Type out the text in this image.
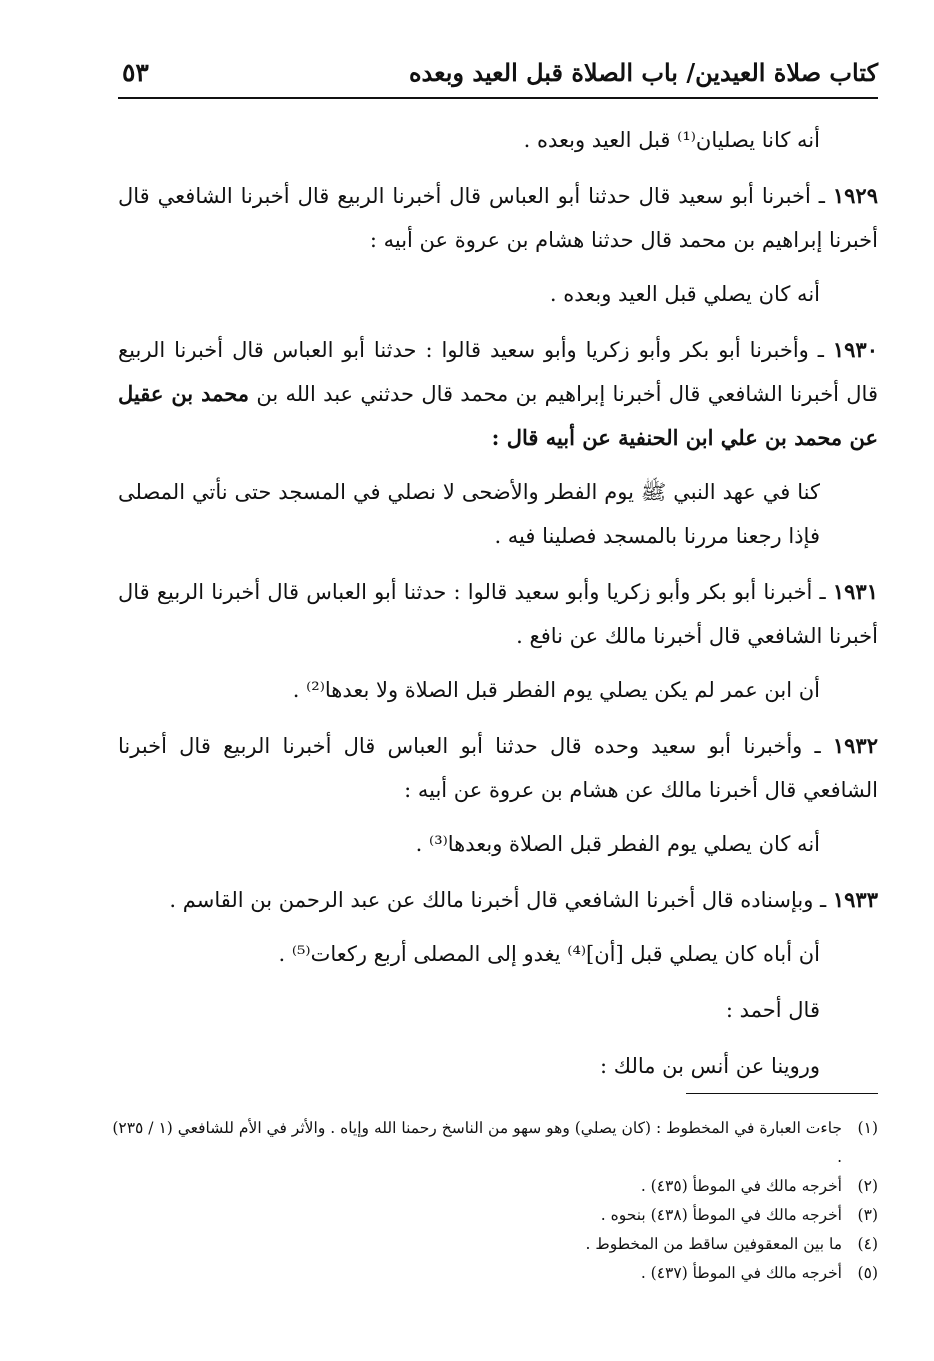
كتاب صلاة العيدين/ باب الصلاة قبل العيد وبعده
٥٣

أنه كانا يصليان⁽¹⁾ قبل العيد وبعده .

١٩٢٩ ـ أخبرنا أبو سعيد قال حدثنا أبو العباس قال أخبرنا الربيع قال أخبرنا الشافعي قال أخبرنا إبراهيم بن محمد قال حدثنا هشام بن عروة عن أبيه :

أنه كان يصلي قبل العيد وبعده .

١٩٣٠ ـ وأخبرنا أبو بكر وأبو زكريا وأبو سعيد قالوا : حدثنا أبو العباس قال أخبرنا الربيع قال أخبرنا الشافعي قال أخبرنا إبراهيم بن محمد قال حدثني عبد الله بن محمد بن عقيل عن محمد بن علي ابن الحنفية عن أبيه قال :

كنا في عهد النبي ﷺ يوم الفطر والأضحى لا نصلي في المسجد حتى نأتي المصلى فإذا رجعنا مررنا بالمسجد فصلينا فيه .

١٩٣١ ـ أخبرنا أبو بكر وأبو زكريا وأبو سعيد قالوا : حدثنا أبو العباس قال أخبرنا الربيع قال أخبرنا الشافعي قال أخبرنا مالك عن نافع .

أن ابن عمر لم يكن يصلي يوم الفطر قبل الصلاة ولا بعدها⁽²⁾ .

١٩٣٢ ـ وأخبرنا أبو سعيد وحده قال حدثنا أبو العباس قال أخبرنا الربيع قال أخبرنا الشافعي قال أخبرنا مالك عن هشام بن عروة عن أبيه :

أنه كان يصلي يوم الفطر قبل الصلاة وبعدها⁽³⁾ .

١٩٣٣ ـ وبإسناده قال أخبرنا الشافعي قال أخبرنا مالك عن عبد الرحمن بن القاسم .

أن أباه كان يصلي قبل [أن]⁽⁴⁾ يغدو إلى المصلى أربع ركعات⁽⁵⁾ .

قال أحمد :

وروينا عن أنس بن مالك :

(١)
جاءت العبارة في المخطوط : (كان يصلي) وهو سهو من الناسخ رحمنا الله وإياه . والأثر في الأم للشافعي (١ / ٢٣٥) .

(٢)
أخرجه مالك في الموطأ (٤٣٥) .

(٣)
أخرجه مالك في الموطأ (٤٣٨) بنحوه .

(٤)
ما بين المعقوفين ساقط من المخطوط .

(٥)
أخرجه مالك في الموطأ (٤٣٧) .
